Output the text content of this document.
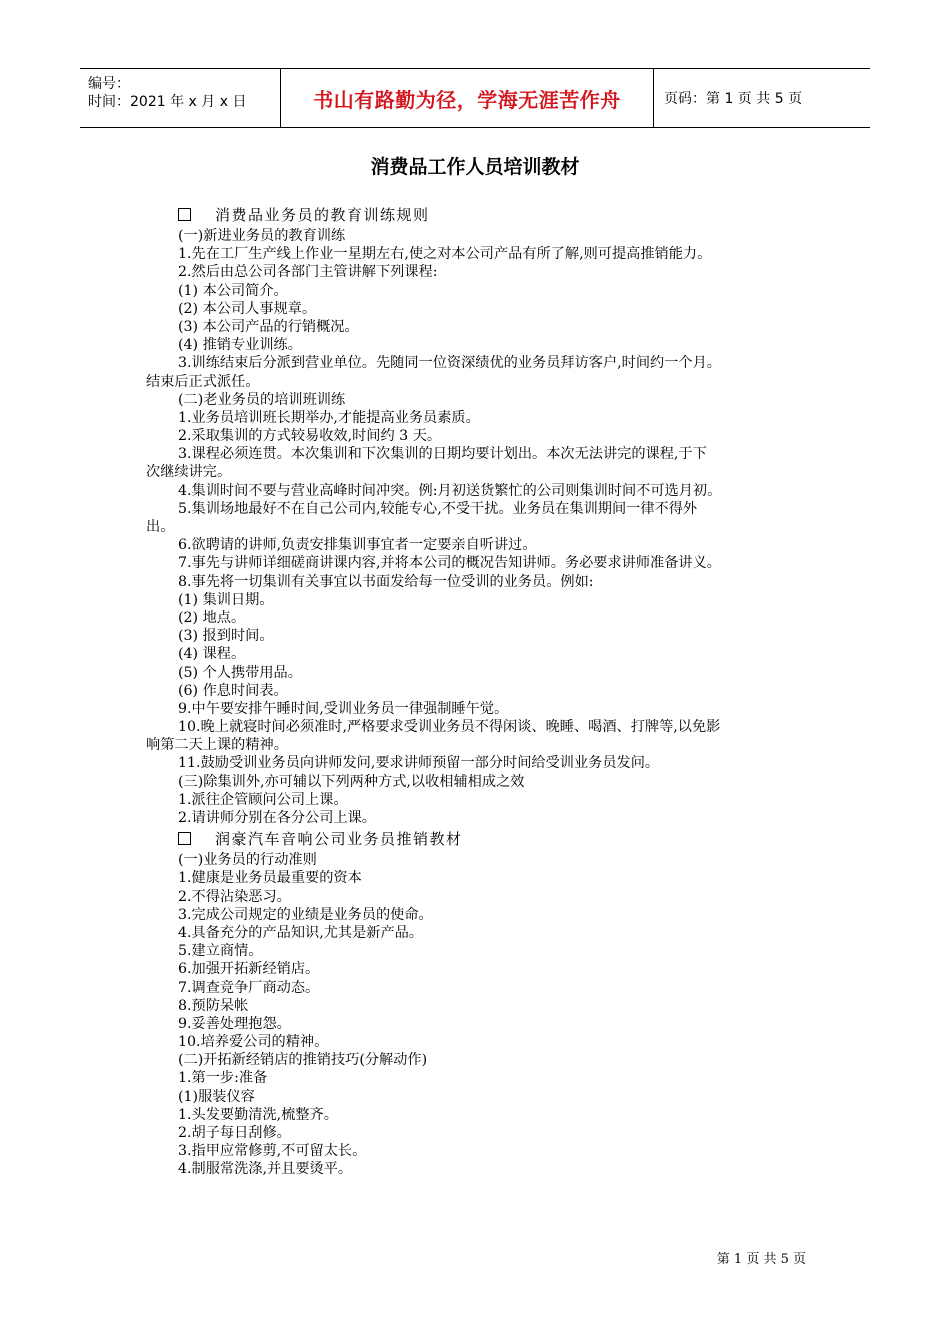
编号：
时间：2021 年 x 月 x 日	书山有路勤为径，学海无涯苦作舟	页码：第 1 页 共 5 页
消费品工作人员培训教材
消费品业务员的教育训练规则
(一)新进业务员的教育训练
1.先在工厂生产线上作业一星期左右,使之对本公司产品有所了解,则可提高推销能力。
2.然后由总公司各部门主管讲解下列课程:
(1) 本公司简介。
(2) 本公司人事规章。
(3) 本公司产品的行销概况。
(4) 推销专业训练。
3.训练结束后分派到营业单位。先随同一位资深绩优的业务员拜访客户,时间约一个月。
结束后正式派任。
(二)老业务员的培训班训练
1.业务员培训班长期举办,才能提高业务员素质。
2.采取集训的方式较易收效,时间约 3 天。
3.课程必须连贯。本次集训和下次集训的日期均要计划出。本次无法讲完的课程,于下
次继续讲完。
4.集训时间不要与营业高峰时间冲突。例:月初送货繁忙的公司则集训时间不可选月初。
5.集训场地最好不在自己公司内,较能专心,不受干扰。业务员在集训期间一律不得外
出。
6.欲聘请的讲师,负责安排集训事宜者一定要亲自听讲过。
7.事先与讲师详细磋商讲课内容,并将本公司的概况告知讲师。务必要求讲师准备讲义。
8.事先将一切集训有关事宜以书面发给每一位受训的业务员。例如:
(1) 集训日期。
(2) 地点。
(3) 报到时间。
(4) 课程。
(5) 个人携带用品。
(6) 作息时间表。
9.中午要安排午睡时间,受训业务员一律强制睡午觉。
10.晚上就寝时间必须准时,严格要求受训业务员不得闲谈、晚睡、喝酒、打牌等,以免影
响第二天上课的精神。
11.鼓励受训业务员向讲师发问,要求讲师预留一部分时间给受训业务员发问。
(三)除集训外,亦可辅以下列两种方式,以收相辅相成之效
1.派往企管顾问公司上课。
2.请讲师分别在各分公司上课。
润豪汽车音响公司业务员推销教材
(一)业务员的行动准则
1.健康是业务员最重要的资本
2.不得沾染恶习。
3.完成公司规定的业绩是业务员的使命。
4.具备充分的产品知识,尤其是新产品。
5.建立商情。
6.加强开拓新经销店。
7.调查竞争厂商动态。
8.预防呆帐
9.妥善处理抱怨。
10.培养爱公司的精神。
(二)开拓新经销店的推销技巧(分解动作)
1.第一步:准备
(1)服装仪容
1.头发要勤清洗,梳整齐。
2.胡子每日刮修。
3.指甲应常修剪,不可留太长。
4.制服常洗涤,并且要烫平。
第 1 页 共 5 页
